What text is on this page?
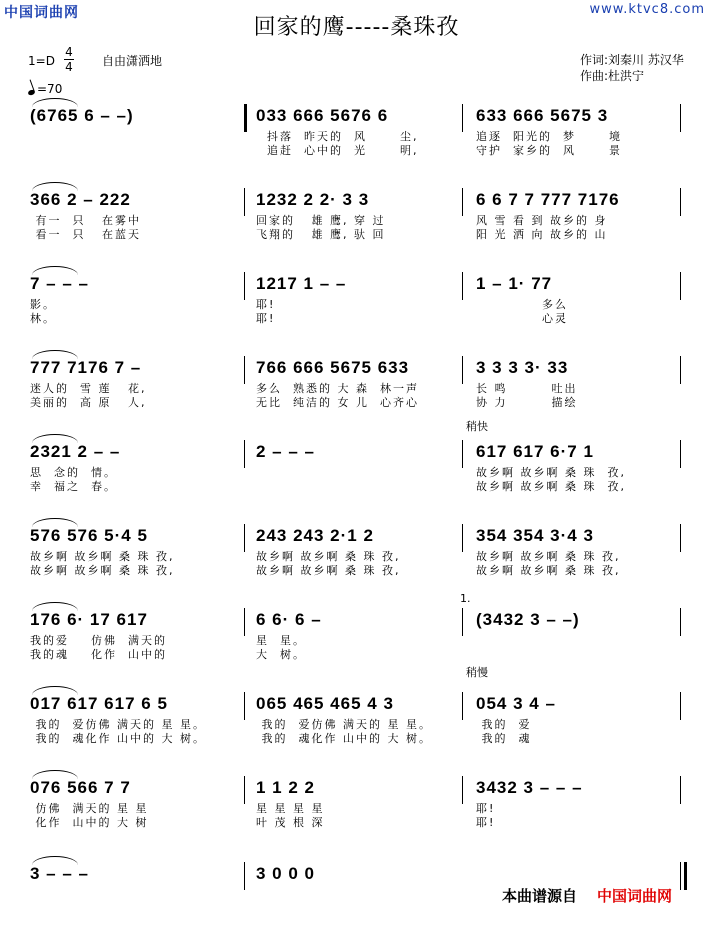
中国词曲网	www.ktvc8.com
回家的鹰-----桑珠孜
1=D
4
4 自由潇洒地
=70
作词:刘秦川 苏汉华
作曲:杜洪宁
(6765 6 – –)	033 666 5676 6
抖落  昨天的  风      尘,
追赶  心中的  光      明,
633 666 5675 3
追逐  阳光的  梦      境
守护  家乡的  风      景
366 2 – 222
有一  只   在雾中
看一  只   在蓝天
1232 2 2· 3 3
回家的   雄 鹰, 穿 过
飞翔的   雄 鹰, 驮 回
6 6 7 7 777 7176
风 雪 看 到 故乡的 身
阳 光 洒 向 故乡的 山
7 – – –
影。
林。
1217 1 – –
耶!
耶!
1 – 1· 77
多么
心灵
777 7176 7 –
迷人的  雪 莲   花,
美丽的  高 原   人,
766 666 5675 633
多么  熟悉的 大 森  林一声
无比  纯洁的 女 儿  心齐心
3 3 3 3· 33
长 鸣        吐出
协 力        描绘
2321 2 – –
思  念的  情。
幸  福之  春。
2 – – –	617 617 6·7 1
故乡啊 故乡啊 桑 珠  孜,
故乡啊 故乡啊 桑 珠  孜,
576 576 5·4 5
故乡啊 故乡啊 桑 珠 孜,
故乡啊 故乡啊 桑 珠 孜,
243 243 2·1 2
故乡啊 故乡啊 桑 珠 孜,
故乡啊 故乡啊 桑 珠 孜,
354 354 3·4 3
故乡啊 故乡啊 桑 珠 孜,
故乡啊 故乡啊 桑 珠 孜,
176 6· 17 617
我的爱    仿佛  满天的
我的魂    化作  山中的
6 6· 6 –
星  星。
大  树。
(3432 3 – –)
017 617 617 6 5
我的  爱仿佛 满天的 星 星。
我的  魂化作 山中的 大 树。
065 465 465 4 3
我的  爱仿佛 满天的 星 星。
我的  魂化作 山中的 大 树。
054 3 4 –
我的  爱
我的  魂
076 566 7 7
仿佛  满天的 星 星
化作  山中的 大 树
1 1 2 2
星 星 星 星
叶 茂 根 深
3432 3 – – –
耶!
耶!
3 – – –	3 0 0 0
稍快
稍慢
1.
本曲谱源自 中国词曲网
